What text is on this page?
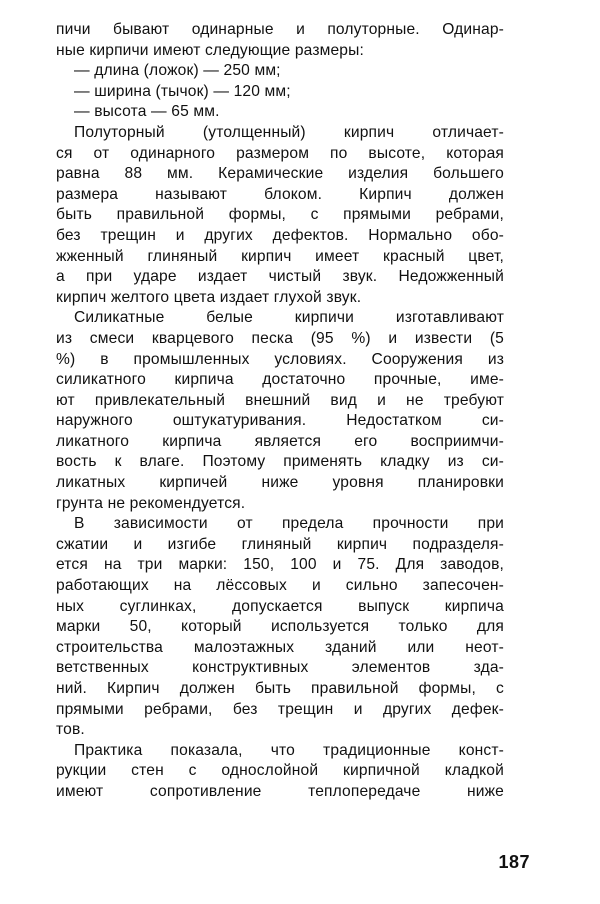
пичи бывают одинарные и полуторные. Одинар-
ные кирпичи имеют следующие размеры:
— длина (ложок) — 250 мм;
— ширина (тычок) — 120 мм;
— высота — 65 мм.
Полуторный (утолщенный) кирпич отличает-
ся от одинарного размером по высоте, которая
равна 88 мм. Керамические изделия большего
размера называют блоком. Кирпич должен
быть правильной формы, с прямыми ребрами,
без трещин и других дефектов. Нормально обо-
жженный глиняный кирпич имеет красный цвет,
а при ударе издает чистый звук. Недожженный
кирпич желтого цвета издает глухой звук.
Силикатные белые кирпичи изготавливают
из смеси кварцевого песка (95 %) и извести (5
%) в промышленных условиях. Сооружения из
силикатного кирпича достаточно прочные, име-
ют привлекательный внешний вид и не требуют
наружного оштукатуривания. Недостатком си-
ликатного кирпича является его восприимчи-
вость к влаге. Поэтому применять кладку из си-
ликатных кирпичей ниже уровня планировки
грунта не рекомендуется.
В зависимости от предела прочности при
сжатии и изгибе глиняный кирпич подразделя-
ется на три марки: 150, 100 и 75. Для заводов,
работающих на лёссовых и сильно запесочен-
ных суглинках, допускается выпуск кирпича
марки 50, который используется только для
строительства малоэтажных зданий или неот-
ветственных конструктивных элементов зда-
ний. Кирпич должен быть правильной формы, с
прямыми ребрами, без трещин и других дефек-
тов.
Практика показала, что традиционные конст-
рукции стен с однослойной кирпичной кладкой
имеют сопротивление теплопередаче ниже
187
